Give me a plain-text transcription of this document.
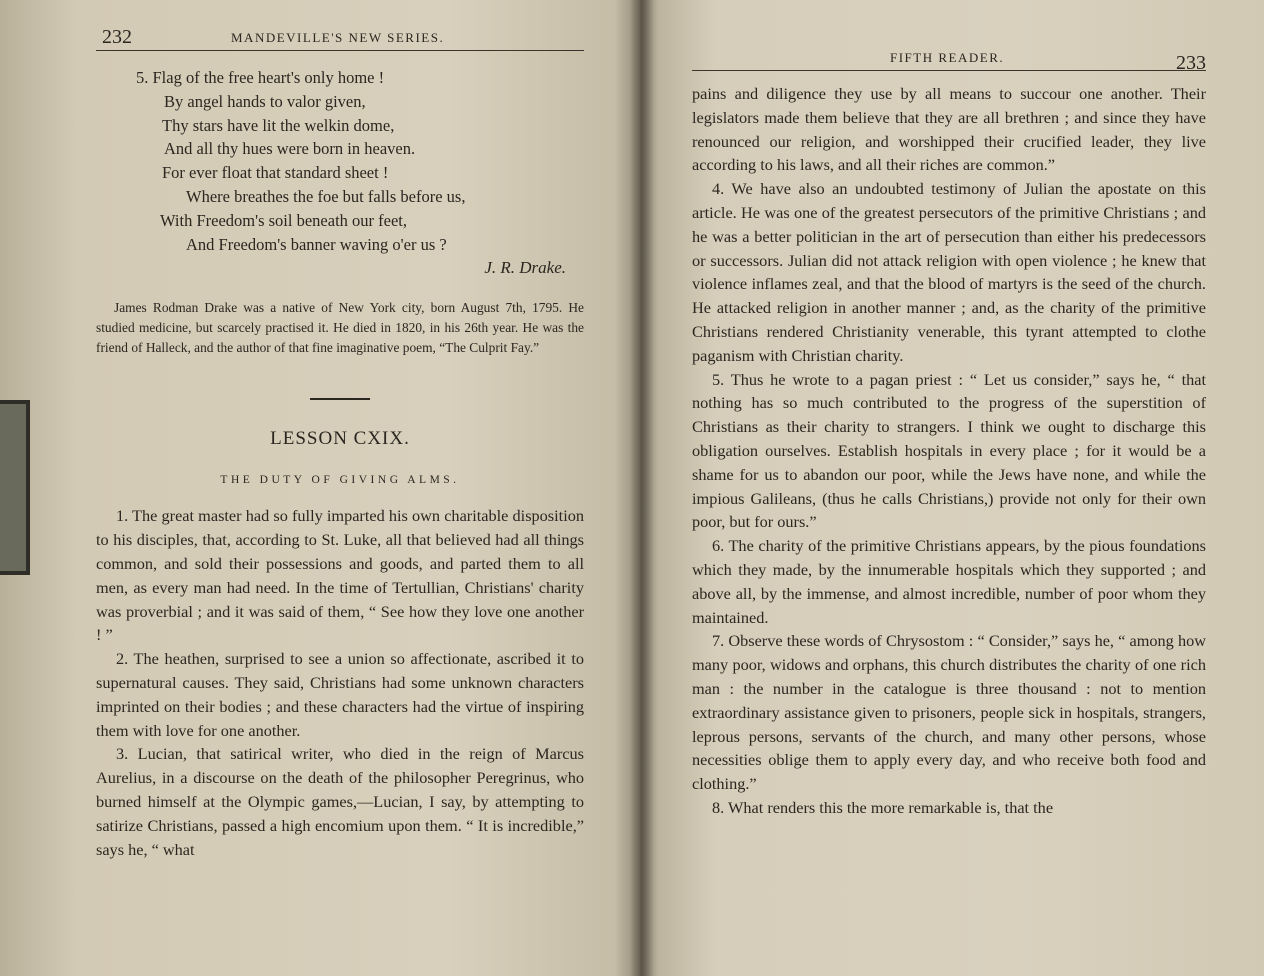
232	MANDEVILLE'S NEW SERIES.
5. Flag of the free heart's only home !
By angel hands to valor given,
Thy stars have lit the welkin dome,
And all thy hues were born in heaven.
For ever float that standard sheet !
Where breathes the foe but falls before us,
With Freedom's soil beneath our feet,
And Freedom's banner waving o'er us ?
J. R. Drake.

James Rodman Drake was a native of New York city, born August 7th, 1795. He studied medicine, but scarcely practised it. He died in 1820, in his 26th year. He was the friend of Halleck, and the author of that fine imaginative poem, “The Culprit Fay.”

LESSON CXIX.
THE DUTY OF GIVING ALMS.

1. The great master had so fully imparted his own charitable disposition to his disciples, that, according to St. Luke, all that believed had all things common, and sold their possessions and goods, and parted them to all men, as every man had need. In the time of Tertullian, Christians' charity was proverbial ; and it was said of them, “ See how they love one another ! ”

2. The heathen, surprised to see a union so affectionate, ascribed it to supernatural causes. They said, Christians had some unknown characters imprinted on their bodies ; and these characters had the virtue of inspiring them with love for one another.

3. Lucian, that satirical writer, who died in the reign of Marcus Aurelius, in a discourse on the death of the philosopher Peregrinus, who burned himself at the Olympic games,—Lucian, I say, by attempting to satirize Christians, passed a high encomium upon them. “ It is incredible,” says he, “ what

FIFTH READER.	233

pains and diligence they use by all means to succour one another. Their legislators made them believe that they are all brethren ; and since they have renounced our religion, and worshipped their crucified leader, they live according to his laws, and all their riches are common.”

4. We have also an undoubted testimony of Julian the apostate on this article. He was one of the greatest persecutors of the primitive Christians ; and he was a better politician in the art of persecution than either his predecessors or successors. Julian did not attack religion with open violence ; he knew that violence inflames zeal, and that the blood of martyrs is the seed of the church. He attacked religion in another manner ; and, as the charity of the primitive Christians rendered Christianity venerable, this tyrant attempted to clothe paganism with Christian charity.

5. Thus he wrote to a pagan priest : “ Let us consider,” says he, “ that nothing has so much contributed to the progress of the superstition of Christians as their charity to strangers. I think we ought to discharge this obligation ourselves. Establish hospitals in every place ; for it would be a shame for us to abandon our poor, while the Jews have none, and while the impious Galileans, (thus he calls Christians,) provide not only for their own poor, but for ours.”

6. The charity of the primitive Christians appears, by the pious foundations which they made, by the innumerable hospitals which they supported ; and above all, by the immense, and almost incredible, number of poor whom they maintained.

7. Observe these words of Chrysostom : “ Consider,” says he, “ among how many poor, widows and orphans, this church distributes the charity of one rich man : the number in the catalogue is three thousand : not to mention extraordinary assistance given to prisoners, people sick in hospitals, strangers, leprous persons, servants of the church, and many other persons, whose necessities oblige them to apply every day, and who receive both food and clothing.”

8. What renders this the more remarkable is, that the
